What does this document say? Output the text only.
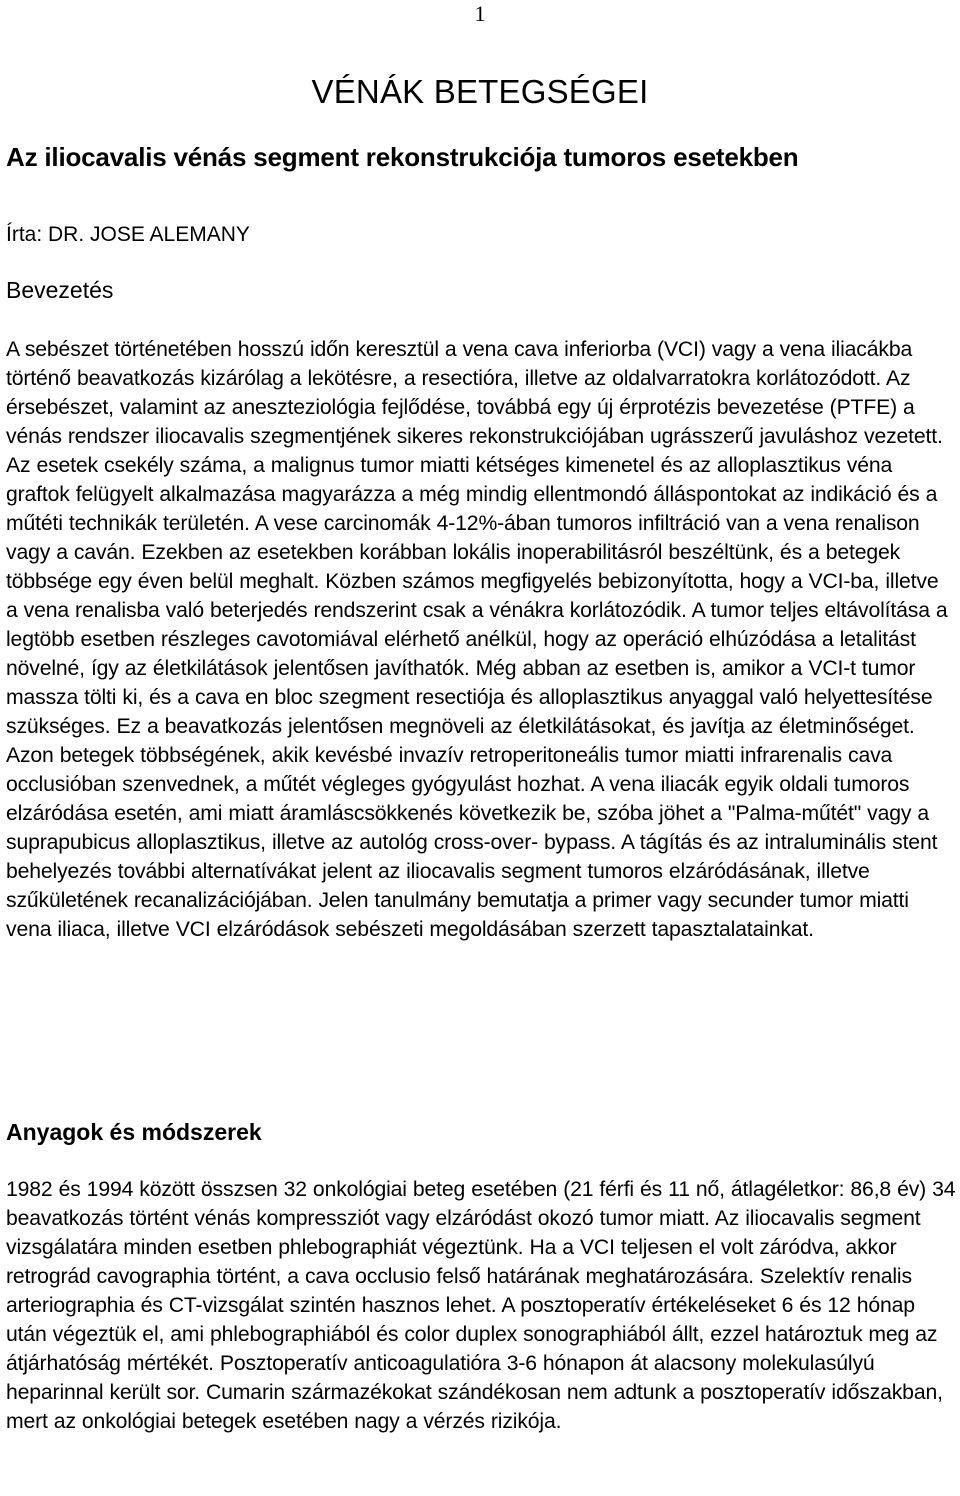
1
VÉNÁK BETEGSÉGEI
Az iliocavalis vénás segment rekonstrukciója tumoros esetekben
Írta: DR. JOSE ALEMANY
Bevezetés

A sebészet történetében hosszú időn keresztül a vena cava inferiorba (VCI) vagy a vena iliacákba történő beavatkozás kizárólag a lekötésre, a resectióra, illetve az oldalvarratokra korlátozódott. Az érsebészet, valamint az aneszteziológia fejlődése, továbbá egy új érprotézis bevezetése (PTFE) a vénás rendszer iliocavalis szegmentjének sikeres rekonstrukciójában ugrásszerű javuláshoz vezetett. Az esetek csekély száma, a malignus tumor miatti kétséges kimenetel és az alloplasztikus véna graftok felügyelt alkalmazása magyarázza a még mindig ellentmondó álláspontokat az indikáció és a műtéti technikák területén. A vese carcinomák 4-12%-ában tumoros infiltráció van a vena renalison vagy a caván. Ezekben az esetekben korábban lokális inoperabilitásról beszéltünk, és a betegek többsége egy éven belül meghalt. Közben számos megfigyelés bebizonyította, hogy a VCI-ba, illetve a vena renalisba való beterjedés rendszerint csak a vénákra korlátozódik. A tumor teljes eltávolítása a legtöbb esetben részleges cavotomiával elérhető anélkül, hogy az operáció elhúzódása a letalitást növelné, így az életkilátások jelentősen javíthatók. Még abban az esetben is, amikor a VCI-t tumor massza tölti ki, és a cava en bloc szegment resectiója és alloplasztikus anyaggal való helyettesítése szükséges. Ez a beavatkozás jelentősen megnöveli az életkilátásokat, és javítja az életminőséget. Azon betegek többségének, akik kevésbé invazív retroperitoneális tumor miatti infrarenalis cava occlusióban szenvednek, a műtét végleges gyógyulást hozhat. A vena iliacák egyik oldali tumoros elzáródása esetén, ami miatt áramláscsökkenés következik be, szóba jöhet a "Palma-műtét" vagy a suprapubicus alloplasztikus, illetve az autológ cross-over- bypass. A tágítás és az intraluminális stent behelyezés további alternatívákat jelent az iliocavalis segment tumoros elzáródásának, illetve szűkületének recanalizációjában. Jelen tanulmány bemutatja a primer vagy secunder tumor miatti vena iliaca, illetve VCI elzáródások sebészeti megoldásában szerzett tapasztalatainkat.

Anyagok és módszerek

1982 és 1994 között összsen 32 onkológiai beteg esetében (21 férfi és 11 nő, átlagéletkor: 86,8 év) 34 beavatkozás történt vénás kompressziót vagy elzáródást okozó tumor miatt. Az iliocavalis segment vizsgálatára minden esetben phlebographiát végeztünk. Ha a VCI teljesen el volt záródva, akkor retrográd cavographia történt, a cava occlusio felső határának meghatározására. Szelektív renalis arteriographia és CT-vizsgálat szintén hasznos lehet. A posztoperatív értékeléseket 6 és 12 hónap után végeztük el, ami phlebographiából és color duplex sonographiából állt, ezzel határoztuk meg az átjárhatóság mértékét. Posztoperatív anticoagulatióra 3-6 hónapon át alacsony molekulasúlyú heparinnal került sor. Cumarin származékokat szándékosan nem adtunk a posztoperatív időszakban, mert az onkológiai betegek esetében nagy a vérzés rizikója.
